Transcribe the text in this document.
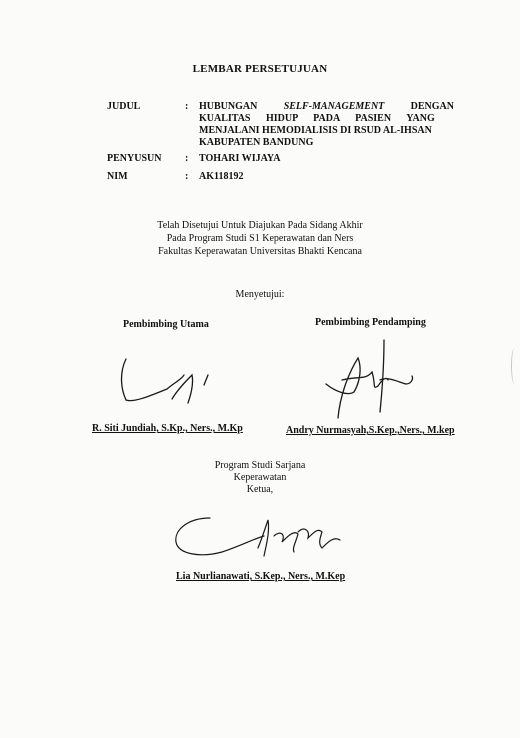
LEMBAR PERSETUJUAN
JUDUL	:	HUBUNGAN	SELF-MANAGEMENT	DENGAN
KUALITAS HIDUP PADA PASIEN YANG
MENJALANI HEMODIALISIS DI RSUD AL-IHSAN
KABUPATEN BANDUNG
PENYUSUN	:	TOHARI WIJAYA
NIM	:	AK118192
Telah Disetujui Untuk Diajukan Pada Sidang Akhir
Pada Program Studi S1 Keperawatan dan Ners
Fakultas Keperawatan Universitas Bhakti Kencana
Menyetujui:
Pembimbing Utama	Pembimbing Pendamping
R. Siti Jundiah, S.Kp., Ners., M.Kp	Andry Nurmasyah,S.Kep.,Ners., M.kep
Program Studi Sarjana
Keperawatan
Ketua,
Lia Nurlianawati, S.Kep., Ners., M.Kep
